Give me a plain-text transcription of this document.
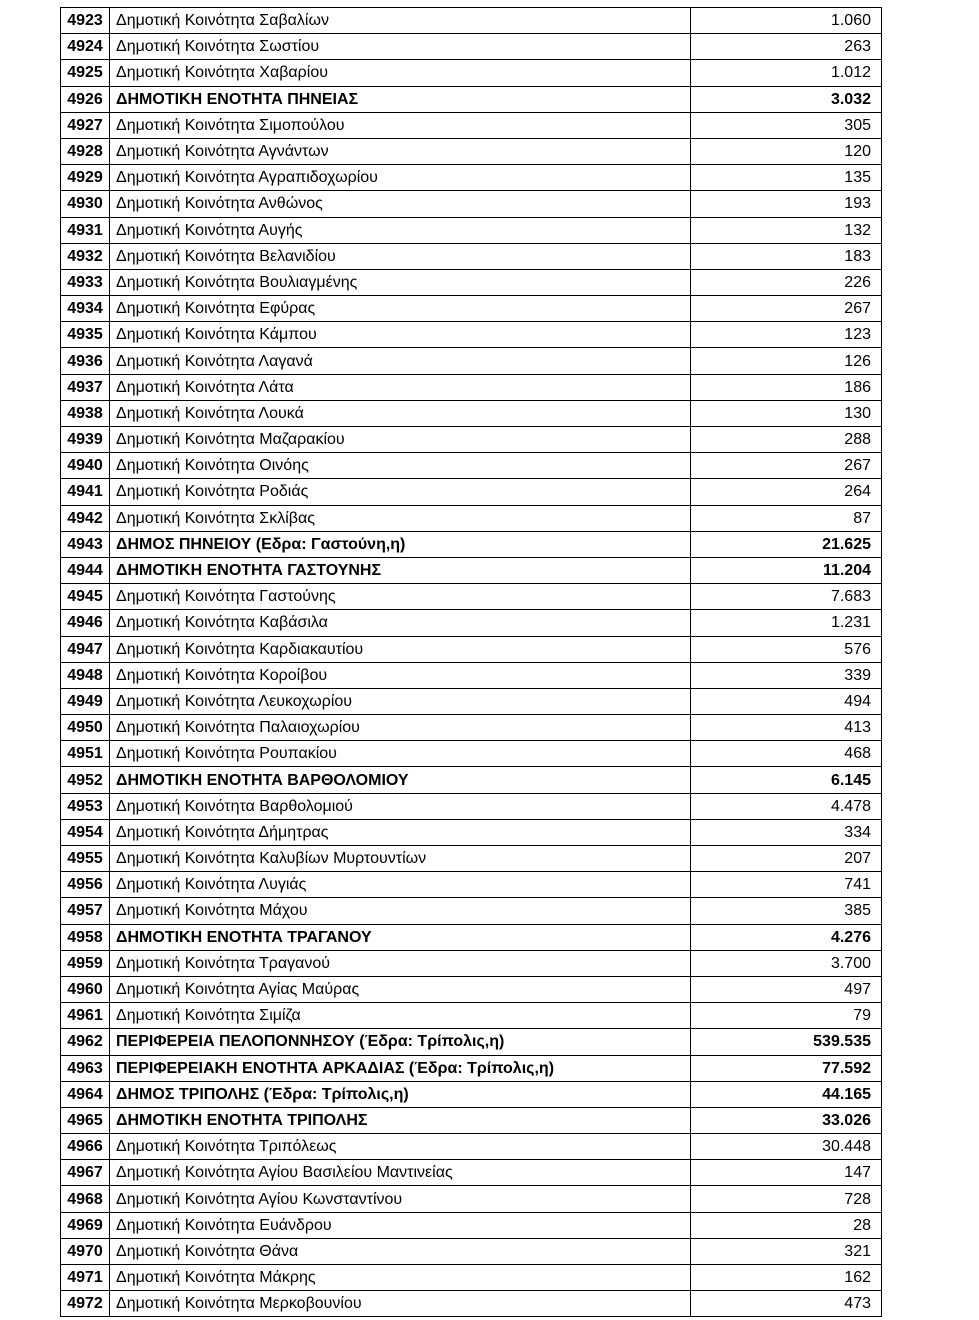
4923	Δημοτική Κοινότητα Σαβαλίων	1.060
4924	Δημοτική Κοινότητα Σωστίου	263
4925	Δημοτική Κοινότητα Χαβαρίου	1.012
4926	ΔΗΜΟΤΙΚΗ ΕΝΟΤΗΤΑ ΠΗΝΕΙΑΣ	3.032
4927	Δημοτική Κοινότητα Σιμοπούλου	305
4928	Δημοτική Κοινότητα Αγνάντων	120
4929	Δημοτική Κοινότητα Αγραπιδοχωρίου	135
4930	Δημοτική Κοινότητα Ανθώνος	193
4931	Δημοτική Κοινότητα Αυγής	132
4932	Δημοτική Κοινότητα Βελανιδίου	183
4933	Δημοτική Κοινότητα Βουλιαγμένης	226
4934	Δημοτική Κοινότητα Εφύρας	267
4935	Δημοτική Κοινότητα Κάμπου	123
4936	Δημοτική Κοινότητα Λαγανά	126
4937	Δημοτική Κοινότητα Λάτα	186
4938	Δημοτική Κοινότητα Λουκά	130
4939	Δημοτική Κοινότητα Μαζαρακίου	288
4940	Δημοτική Κοινότητα Οινόης	267
4941	Δημοτική Κοινότητα Ροδιάς	264
4942	Δημοτική Κοινότητα Σκλίβας	87
4943	ΔΗΜΟΣ ΠΗΝΕΙΟΥ (Εδρα: Γαστούνη,η)	21.625
4944	ΔΗΜΟΤΙΚΗ ΕΝΟΤΗΤΑ ΓΑΣΤΟΥΝΗΣ	11.204
4945	Δημοτική Κοινότητα Γαστούνης	7.683
4946	Δημοτική Κοινότητα Καβάσιλα	1.231
4947	Δημοτική Κοινότητα Καρδιακαυτίου	576
4948	Δημοτική Κοινότητα Κοροίβου	339
4949	Δημοτική Κοινότητα Λευκοχωρίου	494
4950	Δημοτική Κοινότητα Παλαιοχωρίου	413
4951	Δημοτική Κοινότητα Ρουπακίου	468
4952	ΔΗΜΟΤΙΚΗ ΕΝΟΤΗΤΑ ΒΑΡΘΟΛΟΜΙΟΥ	6.145
4953	Δημοτική Κοινότητα Βαρθολομιού	4.478
4954	Δημοτική Κοινότητα Δήμητρας	334
4955	Δημοτική Κοινότητα Καλυβίων Μυρτουντίων	207
4956	Δημοτική Κοινότητα Λυγιάς	741
4957	Δημοτική Κοινότητα Μάχου	385
4958	ΔΗΜΟΤΙΚΗ ΕΝΟΤΗΤΑ ΤΡΑΓΑΝΟΥ	4.276
4959	Δημοτική Κοινότητα Τραγανού	3.700
4960	Δημοτική Κοινότητα Αγίας Μαύρας	497
4961	Δημοτική Κοινότητα Σιμίζα	79
4962	ΠΕΡΙΦΕΡΕΙΑ ΠΕΛΟΠΟΝΝΗΣΟΥ (Έδρα: Τρίπολις,η)	539.535
4963	ΠΕΡΙΦΕΡΕΙΑΚΗ ΕΝΟΤΗΤΑ ΑΡΚΑΔΙΑΣ (Έδρα: Τρίπολις,η)	77.592
4964	ΔΗΜΟΣ ΤΡΙΠΟΛΗΣ (Έδρα: Τρίπολις,η)	44.165
4965	ΔΗΜΟΤΙΚΗ ΕΝΟΤΗΤΑ ΤΡΙΠΟΛΗΣ	33.026
4966	Δημοτική Κοινότητα Τριπόλεως	30.448
4967	Δημοτική Κοινότητα Αγίου Βασιλείου Μαντινείας	147
4968	Δημοτική Κοινότητα Αγίου Κωνσταντίνου	728
4969	Δημοτική Κοινότητα Ευάνδρου	28
4970	Δημοτική Κοινότητα Θάνα	321
4971	Δημοτική Κοινότητα Μάκρης	162
4972	Δημοτική Κοινότητα Μερκοβουνίου	473
